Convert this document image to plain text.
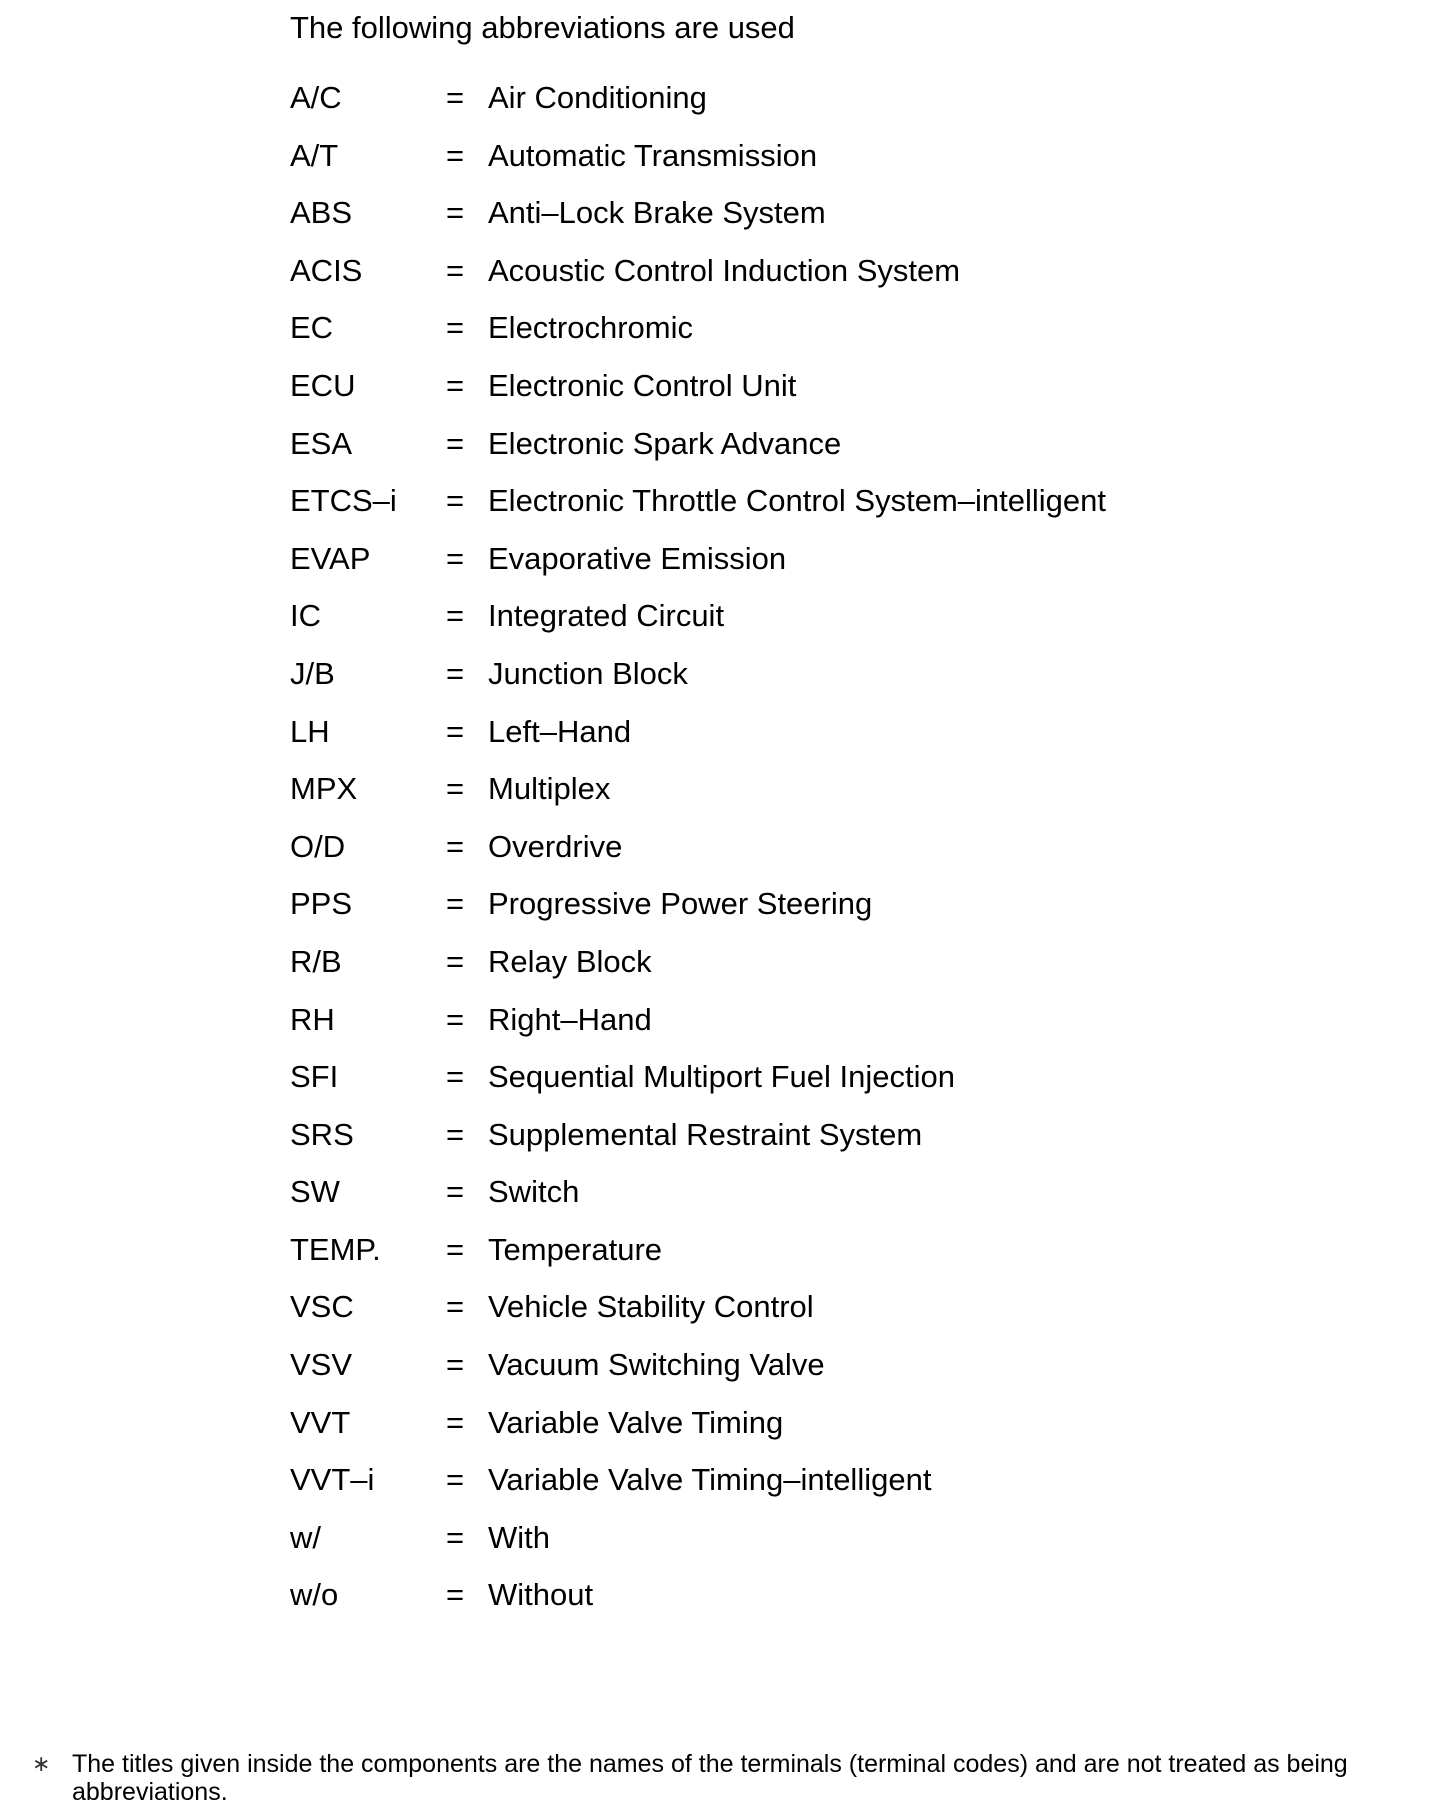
The following abbreviations are used

A/C	= Air Conditioning
A/T	= Automatic Transmission
ABS	= Anti–Lock Brake System
ACIS	= Acoustic Control Induction System
EC	= Electrochromic
ECU	= Electronic Control Unit
ESA	= Electronic Spark Advance
ETCS–i	= Electronic Throttle Control System–intelligent
EVAP	= Evaporative Emission
IC	= Integrated Circuit
J/B	= Junction Block
LH	= Left–Hand
MPX	= Multiplex
O/D	= Overdrive
PPS	= Progressive Power Steering
R/B	= Relay Block
RH	= Right–Hand
SFI	= Sequential Multiport Fuel Injection
SRS	= Supplemental Restraint System
SW	= Switch
TEMP.	= Temperature
VSC	= Vehicle Stability Control
VSV	= Vacuum Switching Valve
VVT	= Variable Valve Timing
VVT–i	= Variable Valve Timing–intelligent
w/	= With
w/o	= Without
∗ The titles given inside the components are the names of the terminals (terminal codes) and are not treated as being abbreviations.
